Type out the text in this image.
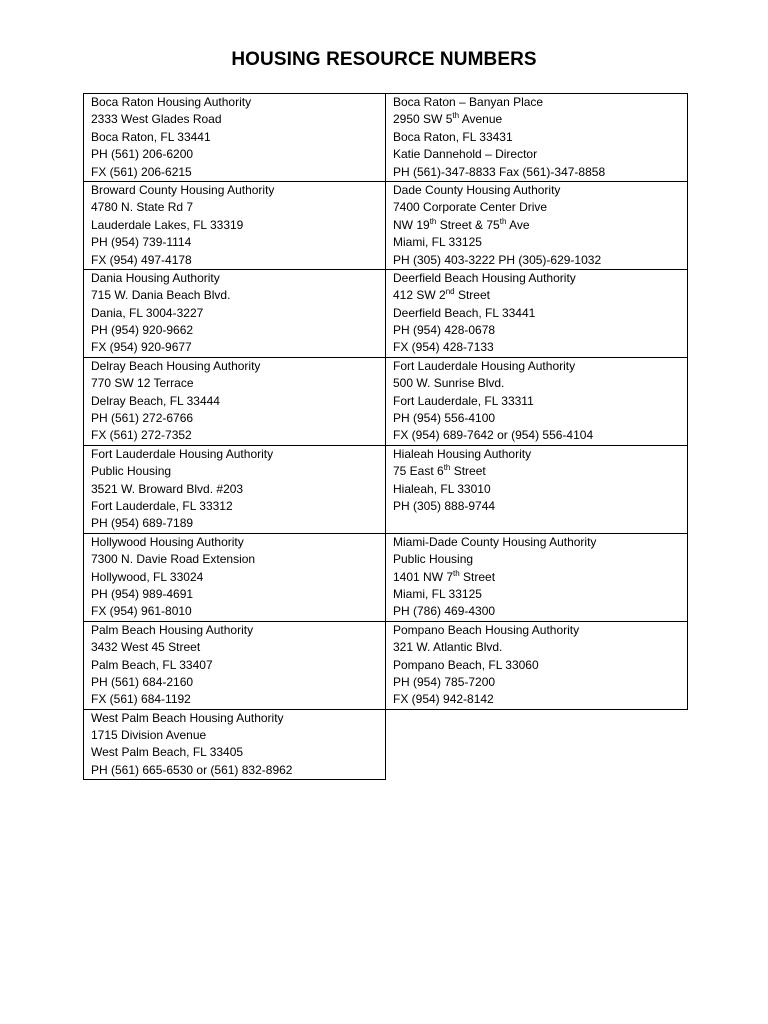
HOUSING RESOURCE NUMBERS
Boca Raton Housing Authority
2333 West Glades Road
Boca Raton, FL 33441
PH (561) 206-6200
FX (561) 206-6215	Boca Raton – Banyan Place
2950 SW 5th Avenue
Boca Raton, FL 33431
Katie Dannehold – Director
PH (561)-347-8833 Fax (561)-347-8858

Broward County Housing Authority
4780 N. State Rd 7
Lauderdale Lakes, FL 33319
PH (954) 739-1114
FX (954) 497-4178	Dade County Housing Authority
7400 Corporate Center Drive
NW 19th Street & 75th Ave
Miami, FL 33125
PH (305) 403-3222 PH (305)-629-1032

Dania Housing Authority
715 W. Dania Beach Blvd.
Dania, FL 3004-3227
PH (954) 920-9662
FX (954) 920-9677	Deerfield Beach Housing Authority
412 SW 2nd Street
Deerfield Beach, FL 33441
PH (954) 428-0678
FX (954) 428-7133

Delray Beach Housing Authority
770 SW 12 Terrace
Delray Beach, FL 33444
PH (561) 272-6766
FX (561) 272-7352	Fort Lauderdale Housing Authority
500 W. Sunrise Blvd.
Fort Lauderdale, FL 33311
PH (954) 556-4100
FX (954) 689-7642 or (954) 556-4104

Fort Lauderdale Housing Authority
Public Housing
3521 W. Broward Blvd. #203
Fort Lauderdale, FL 33312
PH (954) 689-7189	Hialeah Housing Authority
75 East 6th Street
Hialeah, FL 33010
PH (305) 888-9744

Hollywood Housing Authority
7300 N. Davie Road Extension
Hollywood, FL 33024
PH (954) 989-4691
FX (954) 961-8010	Miami-Dade County Housing Authority
Public Housing
1401 NW 7th Street
Miami, FL 33125
PH (786) 469-4300

Palm Beach Housing Authority
3432 West 45 Street
Palm Beach, FL 33407
PH (561) 684-2160
FX (561) 684-1192	Pompano Beach Housing Authority
321 W. Atlantic Blvd.
Pompano Beach, FL 33060
PH (954) 785-7200
FX (954) 942-8142

West Palm Beach Housing Authority
1715 Division Avenue
West Palm Beach, FL 33405
PH (561) 665-6530 or (561) 832-8962	
